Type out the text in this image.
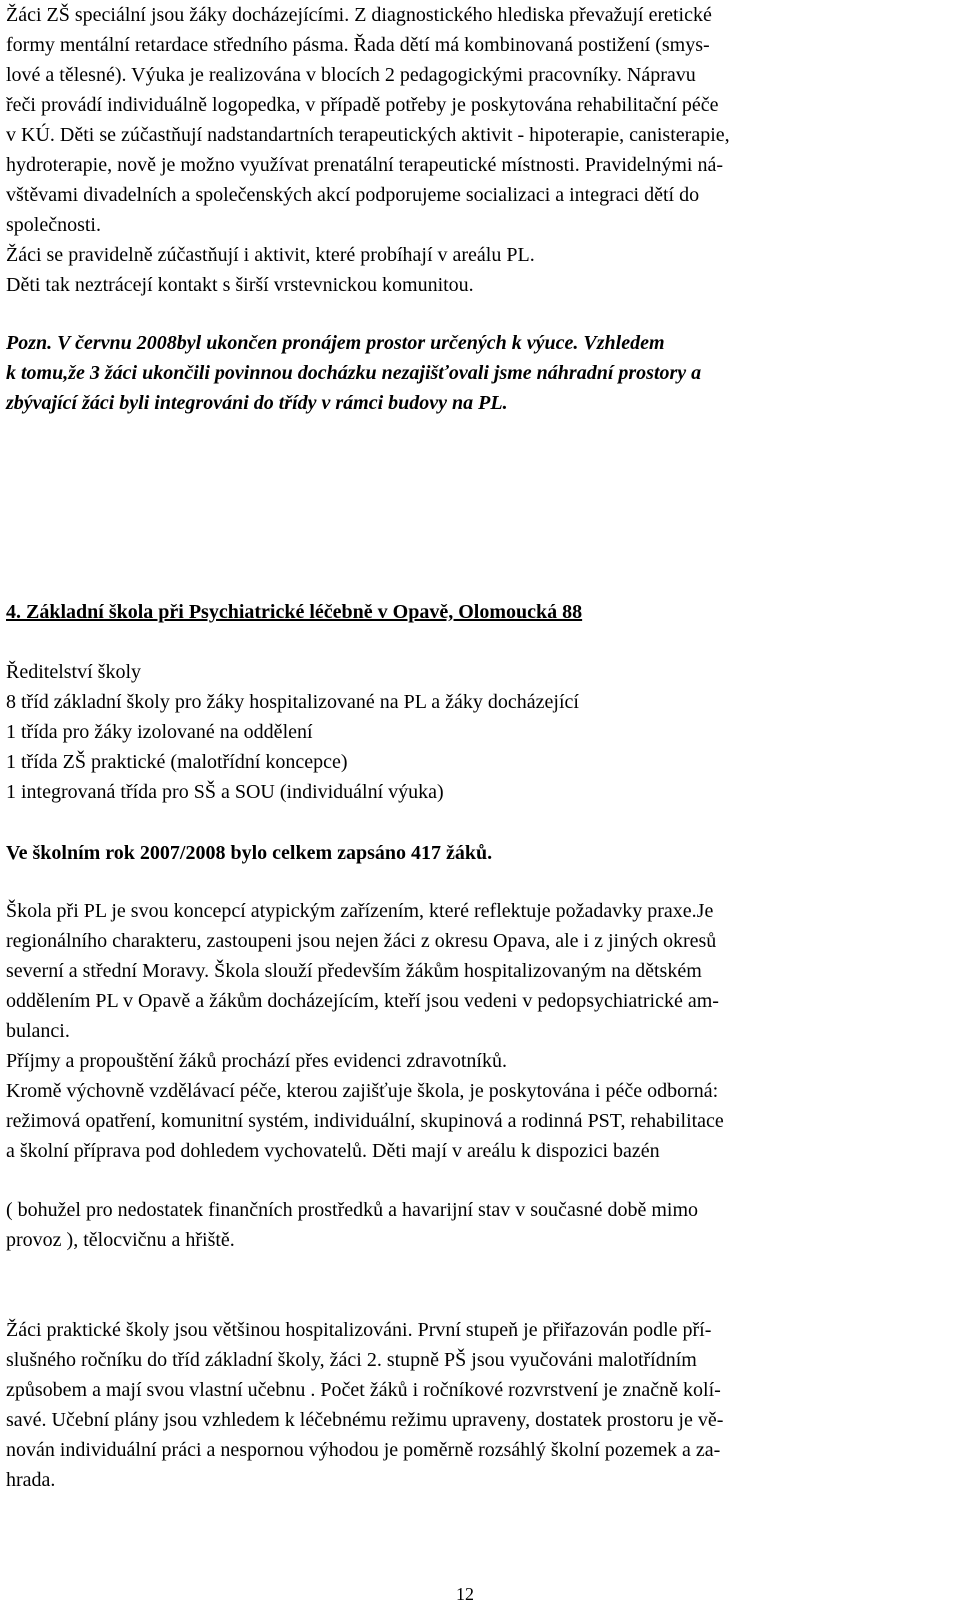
Žáci ZŠ speciální jsou žáky docházejícími. Z diagnostického hlediska převažují eretické
formy mentální retardace středního pásma. Řada dětí má kombinovaná postižení (smys-
lové a tělesné). Výuka je realizována v blocích 2 pedagogickými pracovníky. Nápravu
řeči provádí individuálně logopedka, v případě potřeby je poskytována rehabilitační péče
v KÚ. Děti se zúčastňují nadstandartních terapeutických aktivit - hipoterapie, canisterapie,
hydroterapie, nově je možno využívat prenatální terapeutické místnosti. Pravidelnými ná-
vštěvami divadelních a společenských akcí podporujeme socializaci a integraci dětí do
společnosti.
Žáci se pravidelně zúčastňují i aktivit, které probíhají v areálu PL.
Děti tak neztrácejí kontakt s širší vrstevnickou komunitou.
Pozn. V červnu 2008byl ukončen pronájem prostor určených k výuce. Vzhledem
k tomu,že 3 žáci ukončili povinnou docházku nezajišťovali jsme náhradní prostory a
zbývající žáci byli integrováni do třídy v rámci budovy na PL.
4. Základní škola při Psychiatrické léčebně v Opavě, Olomoucká 88
Ředitelství školy
8 tříd základní školy pro žáky hospitalizované na PL a žáky docházející
1 třída pro žáky izolované na oddělení
1 třída ZŠ praktické (malotřídní koncepce)
1 integrovaná třída pro SŠ a SOU (individuální výuka)
Ve školním rok 2007/2008 bylo celkem zapsáno 417 žáků.
Škola při PL je svou koncepcí atypickým zařízením, které reflektuje požadavky praxe.Je
regionálního charakteru, zastoupeni jsou nejen žáci z okresu Opava, ale i z jiných okresů
severní a střední Moravy. Škola slouží především žákům hospitalizovaným na dětském
oddělením PL v Opavě a žákům docházejícím, kteří jsou vedeni v pedopsychiatrické am-
bulanci.
Příjmy a propouštění žáků prochází přes evidenci zdravotníků.
Kromě výchovně vzdělávací péče, kterou zajišťuje škola, je poskytována i péče odborná:
režimová opatření, komunitní systém, individuální, skupinová a rodinná PST, rehabilitace
a školní příprava pod dohledem vychovatelů. Děti mají v areálu k dispozici bazén
( bohužel pro nedostatek finančních prostředků a havarijní stav v současné době mimo
provoz ), tělocvičnu a hřiště.
Žáci praktické školy jsou většinou hospitalizováni. První stupeň je přiřazován podle pří-
slušného ročníku do tříd základní školy, žáci 2. stupně PŠ jsou vyučováni malotřídním
způsobem a mají svou vlastní učebnu . Počet žáků i ročníkové rozvrstvení je značně kolí-
savé. Učební plány jsou vzhledem k léčebnému režimu upraveny, dostatek prostoru je vě-
nován individuální práci a nespornou výhodou je poměrně rozsáhlý školní pozemek a za-
hrada.
12
